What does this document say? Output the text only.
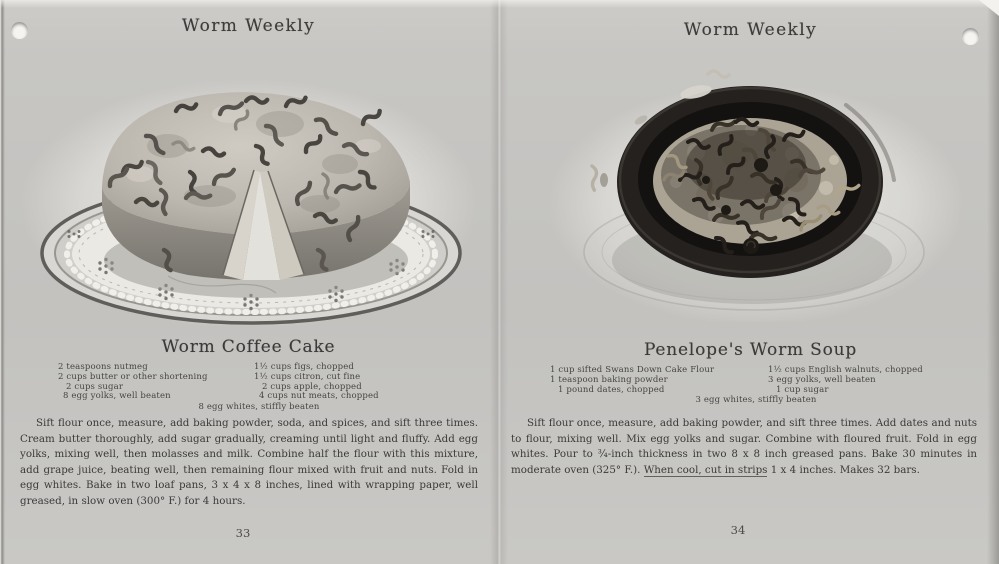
Worm Weekly
Worm Coffee Cake
2 teaspoons nutmeg
2 cups butter or other shortening
2 cups sugar
8 egg yolks, well beaten
1½ cups figs, chopped
1½ cups citron, cut fine
2 cups apple, chopped
4 cups nut meats, chopped
8 egg whites, stiffly beaten

Sift flour once, measure, add baking powder, soda, and spices, and sift three times. Cream butter thoroughly, add sugar gradually, creaming until light and fluffy. Add egg yolks, mixing well, then molasses and milk. Combine half the flour with this mixture, add grape juice, beating well, then remaining flour mixed with fruit and nuts. Fold in egg whites. Bake in two loaf pans, 3 x 4 x 8 inches, lined with wrapping paper, well greased, in slow oven (300° F.) for 4 hours.

33
Worm Weekly
Penelope's Worm Soup
1 cup sifted Swans Down Cake Flour
1 teaspoon baking powder
1 pound dates, chopped
1½ cups English walnuts, chopped
3 egg yolks, well beaten
1 cup sugar
3 egg whites, stiffly beaten

Sift flour once, measure, add baking powder, and sift three times. Add dates and nuts to flour, mixing well. Mix egg yolks and sugar. Combine with floured fruit. Fold in egg whites. Pour to ¾-inch thickness in two 8 x 8 inch greased pans. Bake 30 minutes in moderate oven (325° F.). When cool, cut in strips 1 x 4 inches. Makes 32 bars.

34
